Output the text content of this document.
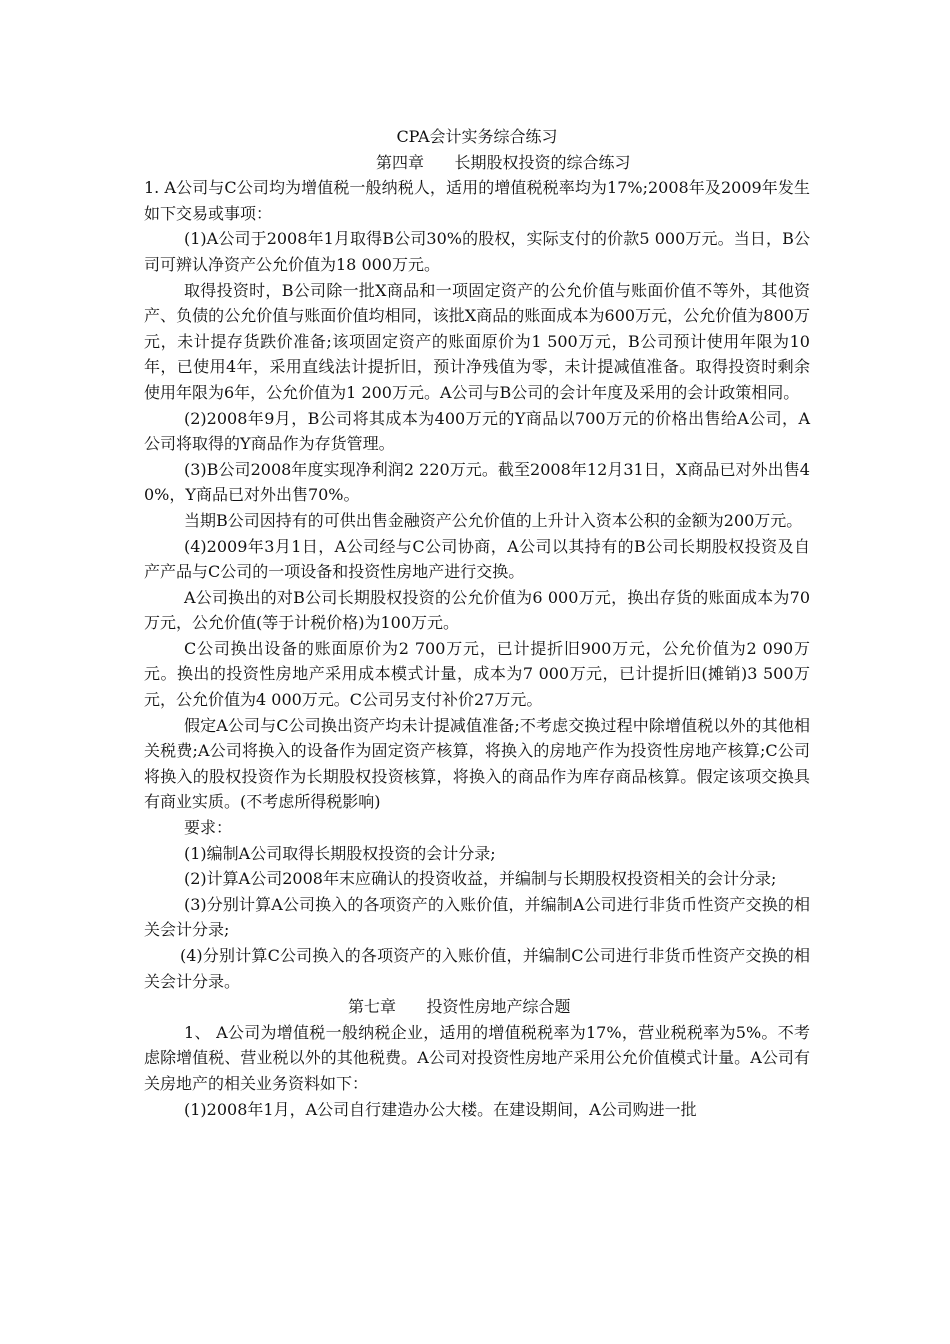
CPA会计实务综合练习

第四章      长期股权投资的综合练习

1. A公司与C公司均为增值税一般纳税人，适用的增值税税率均为17%;2008年及2009年发生如下交易或事项：

(1)A公司于2008年1月取得B公司30%的股权，实际支付的价款5 000万元。当日，B公司可辨认净资产公允价值为18 000万元。

取得投资时，B公司除一批X商品和一项固定资产的公允价值与账面价值不等外，其他资产、负债的公允价值与账面价值均相同，该批X商品的账面成本为600万元，公允价值为800万元，未计提存货跌价准备;该项固定资产的账面原价为1 500万元，B公司预计使用年限为10年，已使用4年，采用直线法计提折旧，预计净残值为零，未计提减值准备。取得投资时剩余使用年限为6年，公允价值为1 200万元。A公司与B公司的会计年度及采用的会计政策相同。

(2)2008年9月，B公司将其成本为400万元的Y商品以700万元的价格出售给A公司，A公司将取得的Y商品作为存货管理。

(3)B公司2008年度实现净利润2 220万元。截至2008年12月31日，X商品已对外出售40%，Y商品已对外出售70%。

当期B公司因持有的可供出售金融资产公允价值的上升计入资本公积的金额为200万元。

(4)2009年3月1日，A公司经与C公司协商，A公司以其持有的B公司长期股权投资及自产产品与C公司的一项设备和投资性房地产进行交换。

A公司换出的对B公司长期股权投资的公允价值为6 000万元，换出存货的账面成本为70万元，公允价值(等于计税价格)为100万元。

C公司换出设备的账面原价为2 700万元，已计提折旧900万元，公允价值为2 090万元。换出的投资性房地产采用成本模式计量，成本为7 000万元，已计提折旧(摊销)3 500万元，公允价值为4 000万元。C公司另支付补价27万元。

假定A公司与C公司换出资产均未计提减值准备;不考虑交换过程中除增值税以外的其他相关税费;A公司将换入的设备作为固定资产核算，将换入的房地产作为投资性房地产核算;C公司将换入的股权投资作为长期股权投资核算，将换入的商品作为库存商品核算。假定该项交换具有商业实质。(不考虑所得税影响)

要求：

(1)编制A公司取得长期股权投资的会计分录;

(2)计算A公司2008年末应确认的投资收益，并编制与长期股权投资相关的会计分录;

(3)分别计算A公司换入的各项资产的入账价值，并编制A公司进行非货币性资产交换的相关会计分录;

(4)分别计算C公司换入的各项资产的入账价值，并编制C公司进行非货币性资产交换的相关会计分录。

第七章      投资性房地产综合题

1、 A公司为增值税一般纳税企业，适用的增值税税率为17%，营业税税率为5%。不考虑除增值税、营业税以外的其他税费。A公司对投资性房地产采用公允价值模式计量。A公司有关房地产的相关业务资料如下：

(1)2008年1月，A公司自行建造办公大楼。在建设期间，A公司购进一批
